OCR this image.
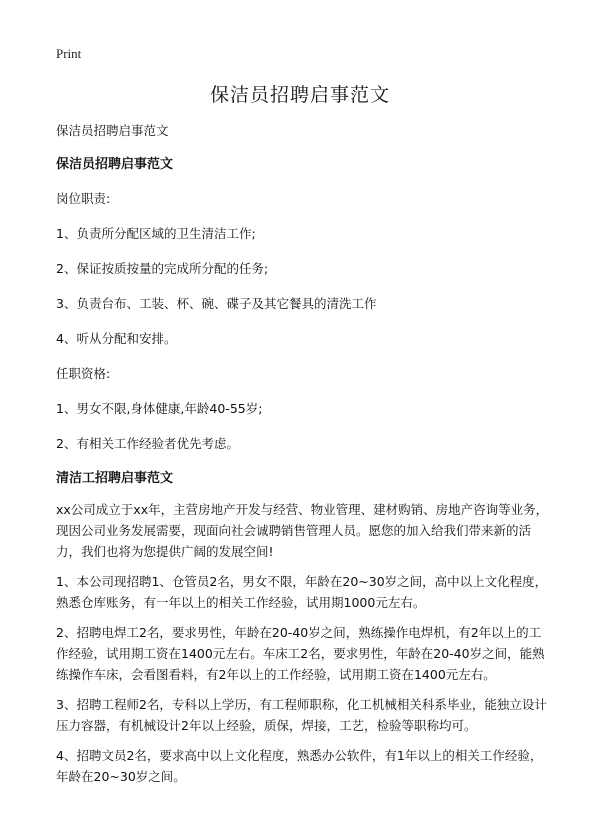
Print
保洁员招聘启事范文

保洁员招聘启事范文

保洁员招聘启事范文

岗位职责:

1、负责所分配区域的卫生清洁工作;

2、保证按质按量的完成所分配的任务;

3、负责台布、工装、杯、碗、碟子及其它餐具的清洗工作

4、听从分配和安排。

任职资格:

1、男女不限,身体健康,年龄40-55岁;

2、有相关工作经验者优先考虑。

清洁工招聘启事范文

xx公司成立于xx年，主营房地产开发与经营、物业管理、建材购销、房地产咨询等业务，现因公司业务发展需要，现面向社会诚聘销售管理人员。愿您的加入给我们带来新的活力，我们也将为您提供广阔的发展空间!

1、本公司现招聘1、仓管员2名，男女不限，年龄在20~30岁之间，高中以上文化程度，熟悉仓库账务，有一年以上的相关工作经验，试用期1000元左右。

2、招聘电焊工2名，要求男性，年龄在20-40岁之间，熟练操作电焊机，有2年以上的工作经验，试用期工资在1400元左右。车床工2名，要求男性，年龄在20-40岁之间，能熟练操作车床，会看图看料，有2年以上的工作经验，试用期工资在1400元左右。

3、招聘工程师2名，专科以上学历，有工程师职称，化工机械相关科系毕业，能独立设计压力容器，有机械设计2年以上经验，质保，焊接，工艺，检验等职称均可。

4、招聘文员2名，要求高中以上文化程度，熟悉办公软件，有1年以上的相关工作经验，年龄在20~30岁之间。
